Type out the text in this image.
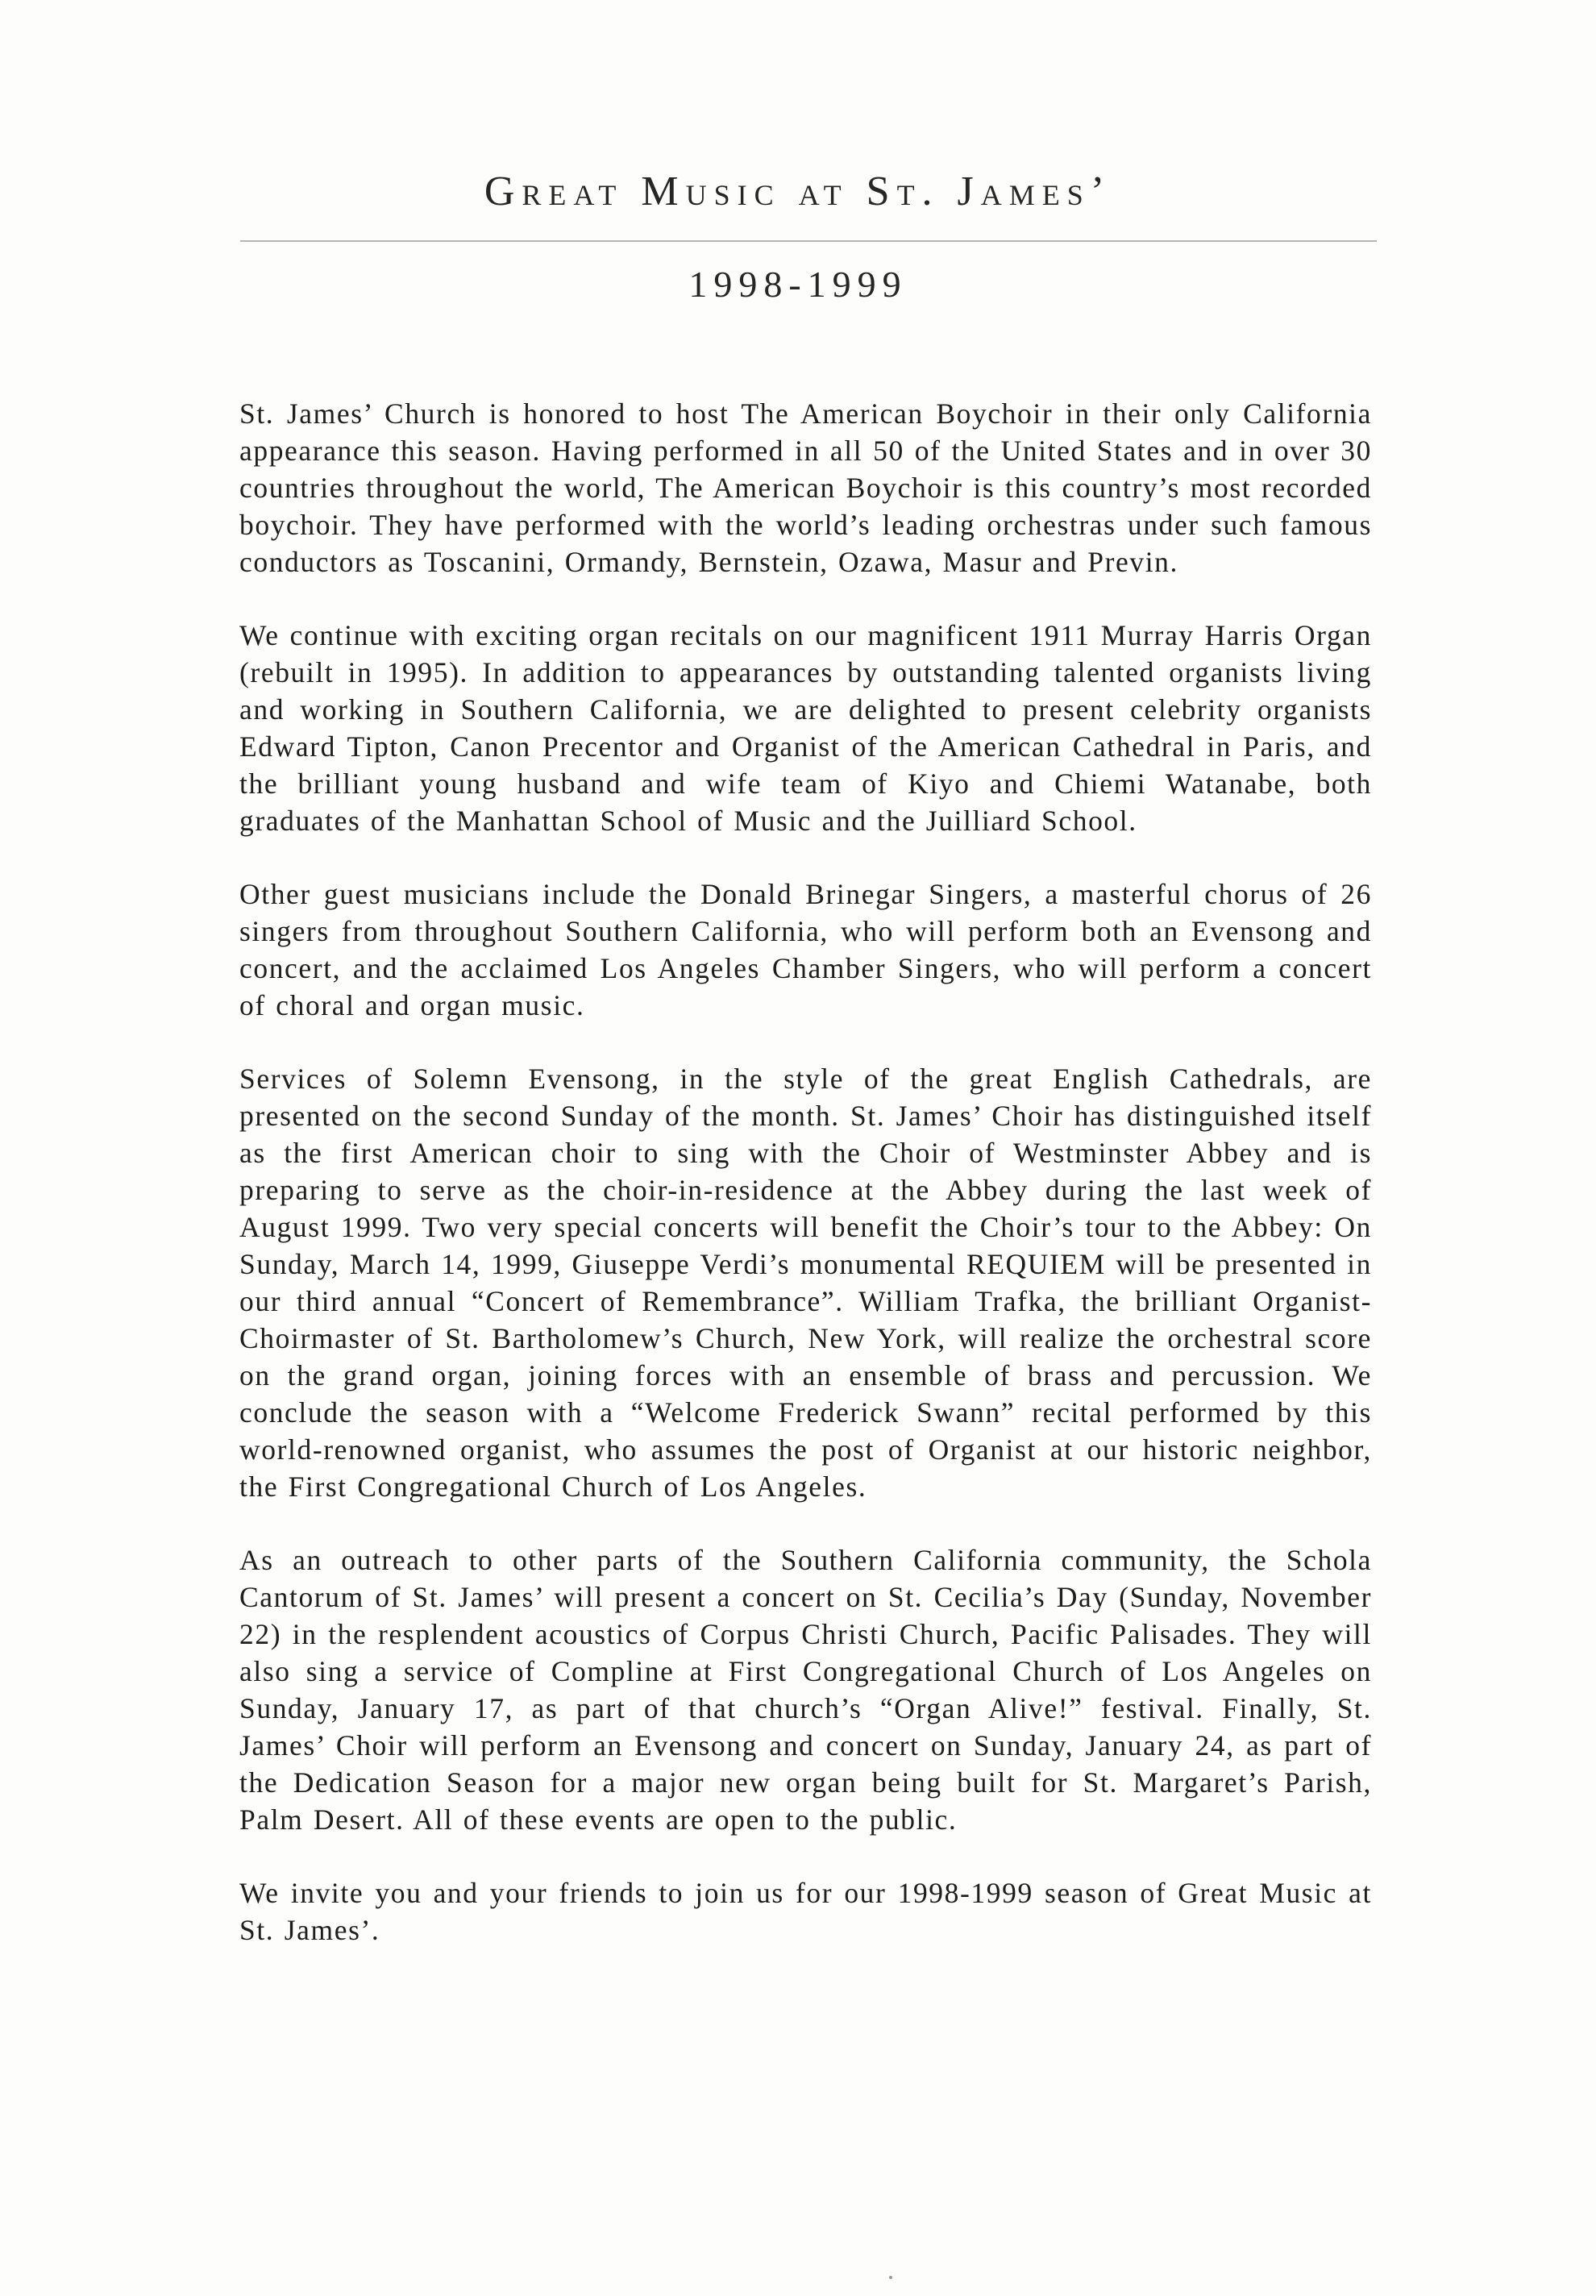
Great Music at St. James’
1998-1999

St. James’ Church is honored to host The American Boychoir in their only California appearance this season. Having performed in all 50 of the United States and in over 30 countries throughout the world, The American Boychoir is this country’s most recorded boychoir. They have performed with the world’s leading orchestras under such famous conductors as Toscanini, Ormandy, Bernstein, Ozawa, Masur and Previn.

We continue with exciting organ recitals on our magnificent 1911 Murray Harris Organ (rebuilt in 1995). In addition to appearances by outstanding talented organists living and working in Southern California, we are delighted to present celebrity organists Edward Tipton, Canon Precentor and Organist of the American Cathedral in Paris, and the brilliant young husband and wife team of Kiyo and Chiemi Watanabe, both graduates of the Manhattan School of Music and the Juilliard School.

Other guest musicians include the Donald Brinegar Singers, a masterful chorus of 26 singers from throughout Southern California, who will perform both an Evensong and concert, and the acclaimed Los Angeles Chamber Singers, who will perform a concert of choral and organ music.

Services of Solemn Evensong, in the style of the great English Cathedrals, are presented on the second Sunday of the month. St. James’ Choir has distinguished itself as the first American choir to sing with the Choir of Westminster Abbey and is preparing to serve as the choir-in-residence at the Abbey during the last week of August 1999. Two very special concerts will benefit the Choir’s tour to the Abbey: On Sunday, March 14, 1999, Giuseppe Verdi’s monumental REQUIEM will be presented in our third annual “Concert of Remembrance”. William Trafka, the brilliant Organist-Choirmaster of St. Bartholomew’s Church, New York, will realize the orchestral score on the grand organ, joining forces with an ensemble of brass and percussion. We conclude the season with a “Welcome Frederick Swann” recital performed by this world-renowned organist, who assumes the post of Organist at our historic neighbor, the First Congregational Church of Los Angeles.

As an outreach to other parts of the Southern California community, the Schola Cantorum of St. James’ will present a concert on St. Cecilia’s Day (Sunday, November 22) in the resplendent acoustics of Corpus Christi Church, Pacific Palisades. They will also sing a service of Compline at First Congregational Church of Los Angeles on Sunday, January 17, as part of that church’s “Organ Alive!” festival. Finally, St. James’ Choir will perform an Evensong and concert on Sunday, January 24, as part of the Dedication Season for a major new organ being built for St. Margaret’s Parish, Palm Desert. All of these events are open to the public.

We invite you and your friends to join us for our 1998-1999 season of Great Music at St. James’.
